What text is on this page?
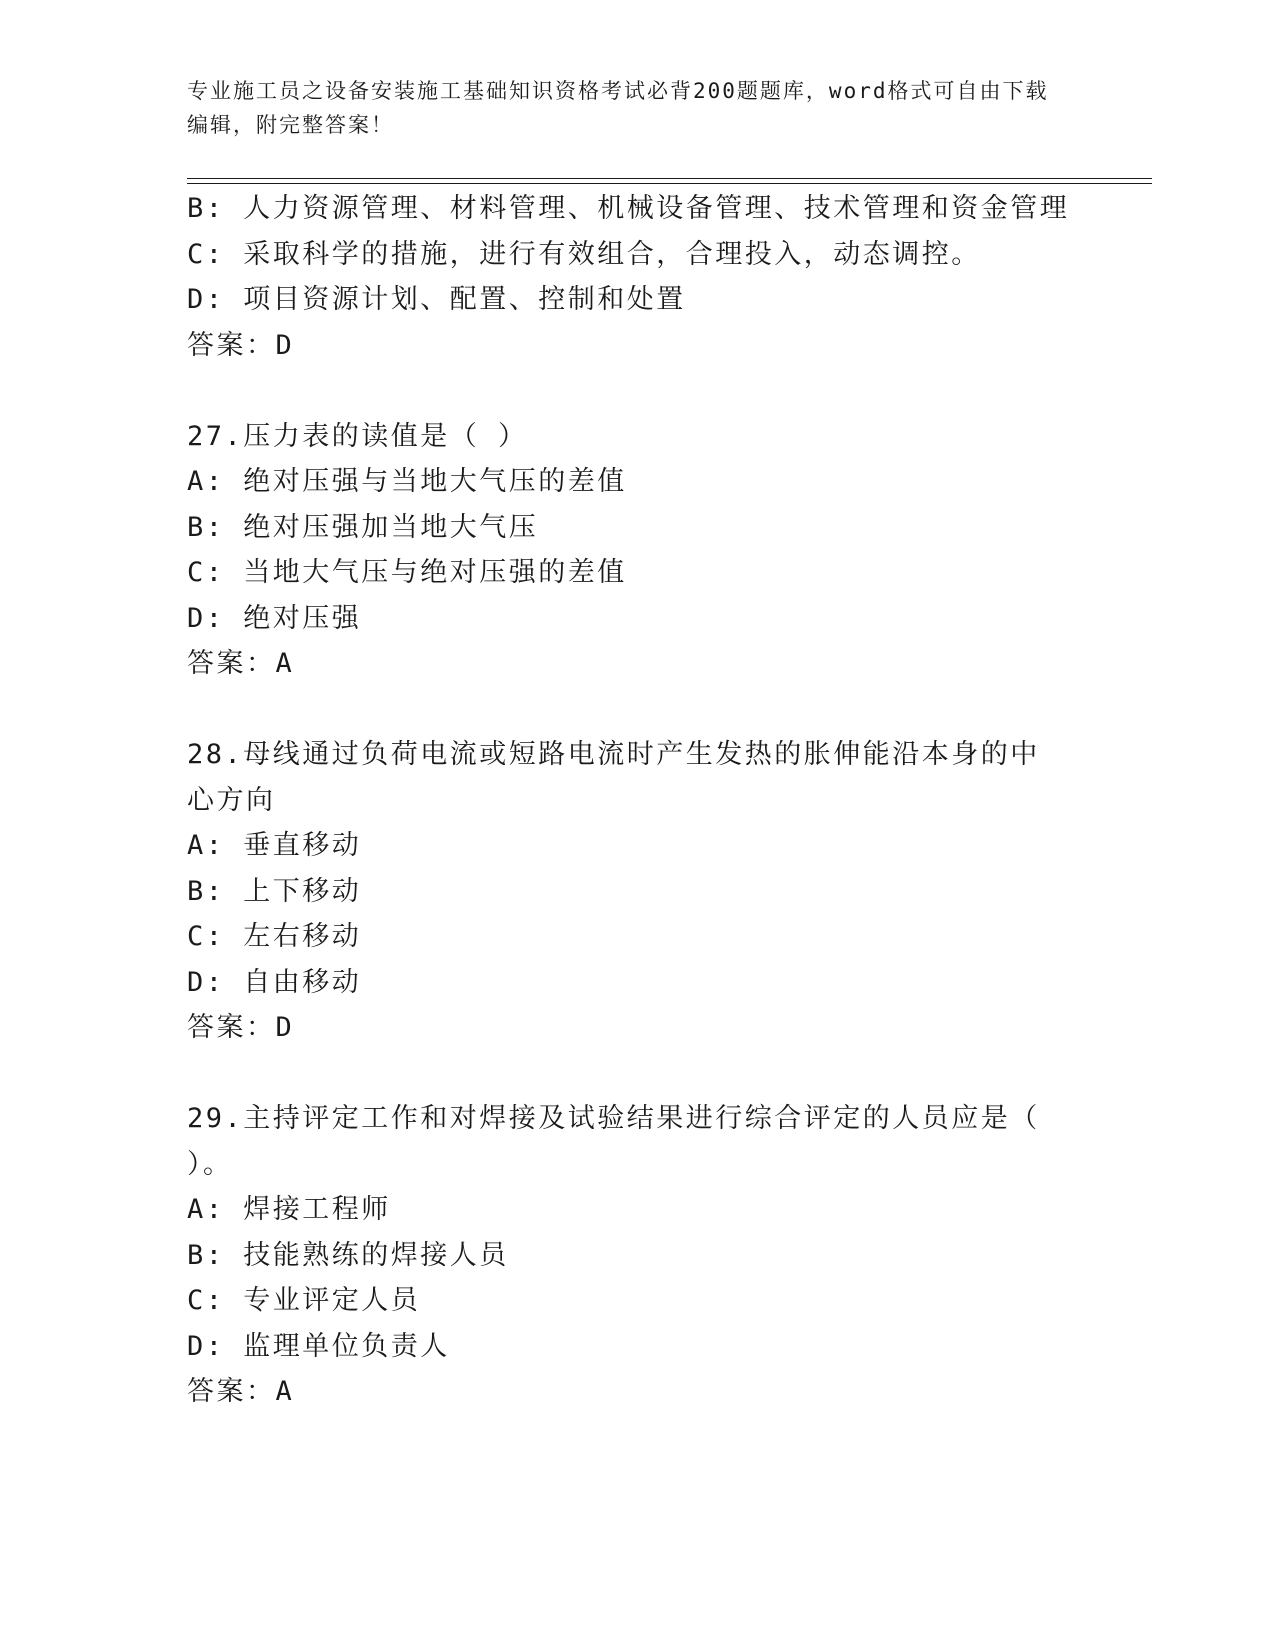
专业施工员之设备安装施工基础知识资格考试必背200题题库，word格式可自由下载编辑，附完整答案！
B: 人力资源管理、材料管理、机械设备管理、技术管理和资金管理
C: 采取科学的措施，进行有效组合，合理投入，动态调控。
D: 项目资源计划、配置、控制和处置
答案：D
27.压力表的读值是（ ）
A: 绝对压强与当地大气压的差值
B: 绝对压强加当地大气压
C: 当地大气压与绝对压强的差值
D: 绝对压强
答案：A
28.母线通过负荷电流或短路电流时产生发热的胀伸能沿本身的中心方向
A: 垂直移动
B: 上下移动
C: 左右移动
D: 自由移动
答案：D
29.主持评定工作和对焊接及试验结果进行综合评定的人员应是（ ）。
A: 焊接工程师
B: 技能熟练的焊接人员
C: 专业评定人员
D: 监理单位负责人
答案：A
